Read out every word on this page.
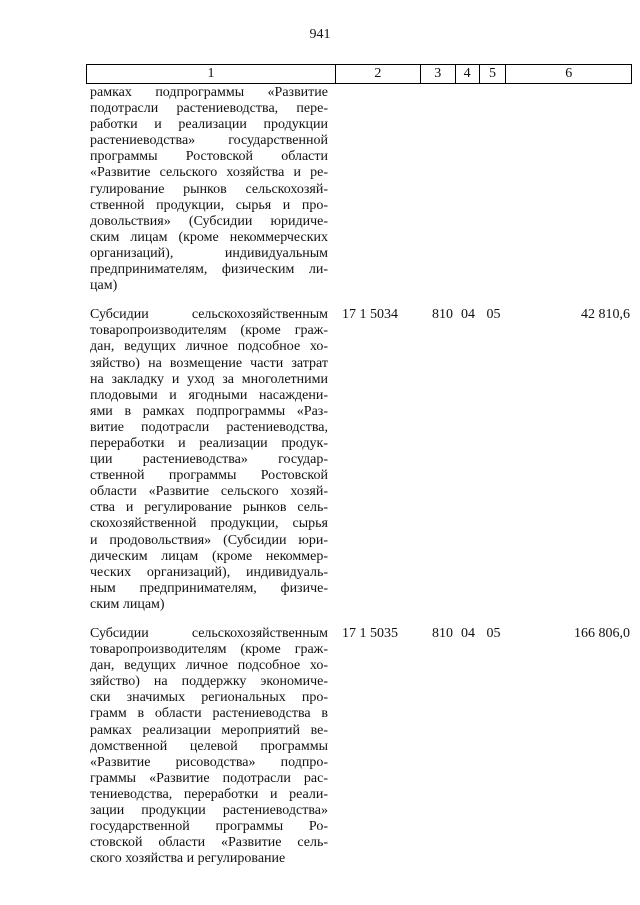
941
1	2	3	4	5	6
рамках подпрограммы «Развитие
подотрасли растениеводства, пере-
работки и реализации продукции
растениеводства» государственной
программы Ростовской области
«Развитие сельского хозяйства и ре-
гулирование рынков сельскохозяй-
ственной продукции, сырья и про-
довольствия» (Субсидии юридиче-
ским лицам (кроме некоммерческих
организаций), индивидуальным
предпринимателям, физическим ли-
цам)
Субсидии сельскохозяйственным
товаропроизводителям (кроме граж-
дан, ведущих личное подсобное хо-
зяйство) на возмещение части затрат
на закладку и уход за многолетними
плодовыми и ягодными насаждени-
ями в рамках подпрограммы «Раз-
витие подотрасли растениеводства,
переработки и реализации продук-
ции растениеводства» государ-
ственной программы Ростовской
области «Развитие сельского хозяй-
ства и регулирование рынков сель-
скохозяйственной продукции, сырья
и продовольствия» (Субсидии юри-
дическим лицам (кроме некоммер-
ческих организаций), индивидуаль-
ным предпринимателям, физиче-
ским лицам)
17 1 5034	810 04 05	42 810,6
Субсидии сельскохозяйственным
товаропроизводителям (кроме граж-
дан, ведущих личное подсобное хо-
зяйство) на поддержку экономиче-
ски значимых региональных про-
грамм в области растениеводства в
рамках реализации мероприятий ве-
домственной целевой программы
«Развитие рисоводства» подпро-
граммы «Развитие подотрасли рас-
тениеводства, переработки и реали-
зации продукции растениеводства»
государственной программы Ро-
стовской области «Развитие сель-
ского хозяйства и регулирование
17 1 5035	810 04 05	166 806,0
